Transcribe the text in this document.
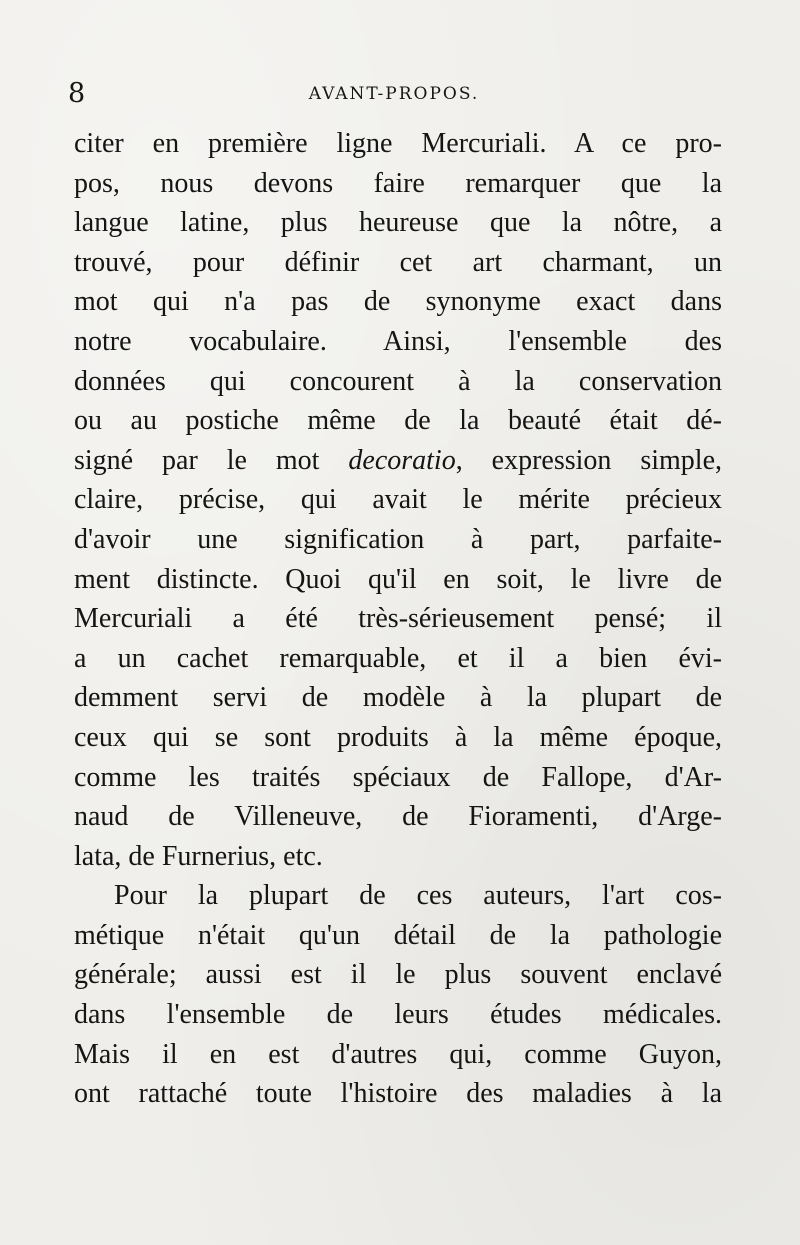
8	AVANT-PROPOS.
citer en première ligne Mercuriali. A ce pro-
pos, nous devons faire remarquer que la
langue latine, plus heureuse que la nôtre, a
trouvé, pour définir cet art charmant, un
mot qui n'a pas de synonyme exact dans
notre vocabulaire. Ainsi, l'ensemble des
données qui concourent à la conservation
ou au postiche même de la beauté était dé-
signé par le mot decoratio, expression simple,
claire, précise, qui avait le mérite précieux
d'avoir une signification à part, parfaite-
ment distincte. Quoi qu'il en soit, le livre de
Mercuriali a été très-sérieusement pensé; il
a un cachet remarquable, et il a bien évi-
demment servi de modèle à la plupart de
ceux qui se sont produits à la même époque,
comme les traités spéciaux de Fallope, d'Ar-
naud de Villeneuve, de Fioramenti, d'Arge-
lata, de Furnerius, etc.
Pour la plupart de ces auteurs, l'art cos-
métique n'était qu'un détail de la pathologie
générale; aussi est il le plus souvent enclavé
dans l'ensemble de leurs études médicales.
Mais il en est d'autres qui, comme Guyon,
ont rattaché toute l'histoire des maladies à la
